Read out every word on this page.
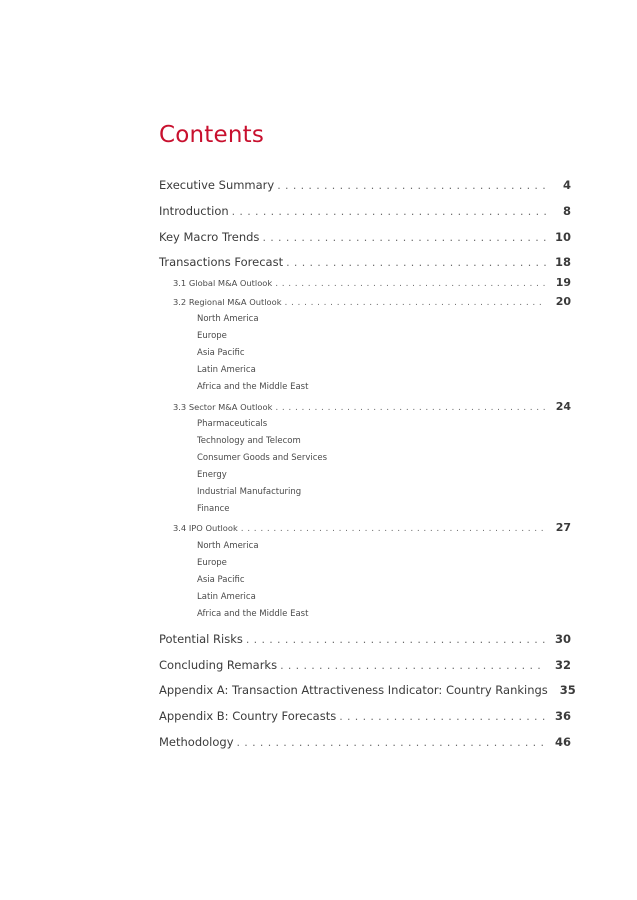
Contents
Executive Summary . . .	4
Introduction . . .	8
Key Macro Trends . . .	10
Transactions Forecast . . .	18
3.1 Global M&A Outlook . . .	19
3.2 Regional M&A Outlook . . .	20
North America
Europe
Asia Pacific
Latin America
Africa and the Middle East
3.3 Sector M&A Outlook . . .	24
Pharmaceuticals
Technology and Telecom
Consumer Goods and Services
Energy
Industrial Manufacturing
Finance
3.4 IPO Outlook . . .	27
North America
Europe
Asia Pacific
Latin America
Africa and the Middle East
Potential Risks . . .	30
Concluding Remarks . . .	32
Appendix A: Transaction Attractiveness Indicator: Country Rankings	35
Appendix B: Country Forecasts . . .	36
Methodology . . .	46
